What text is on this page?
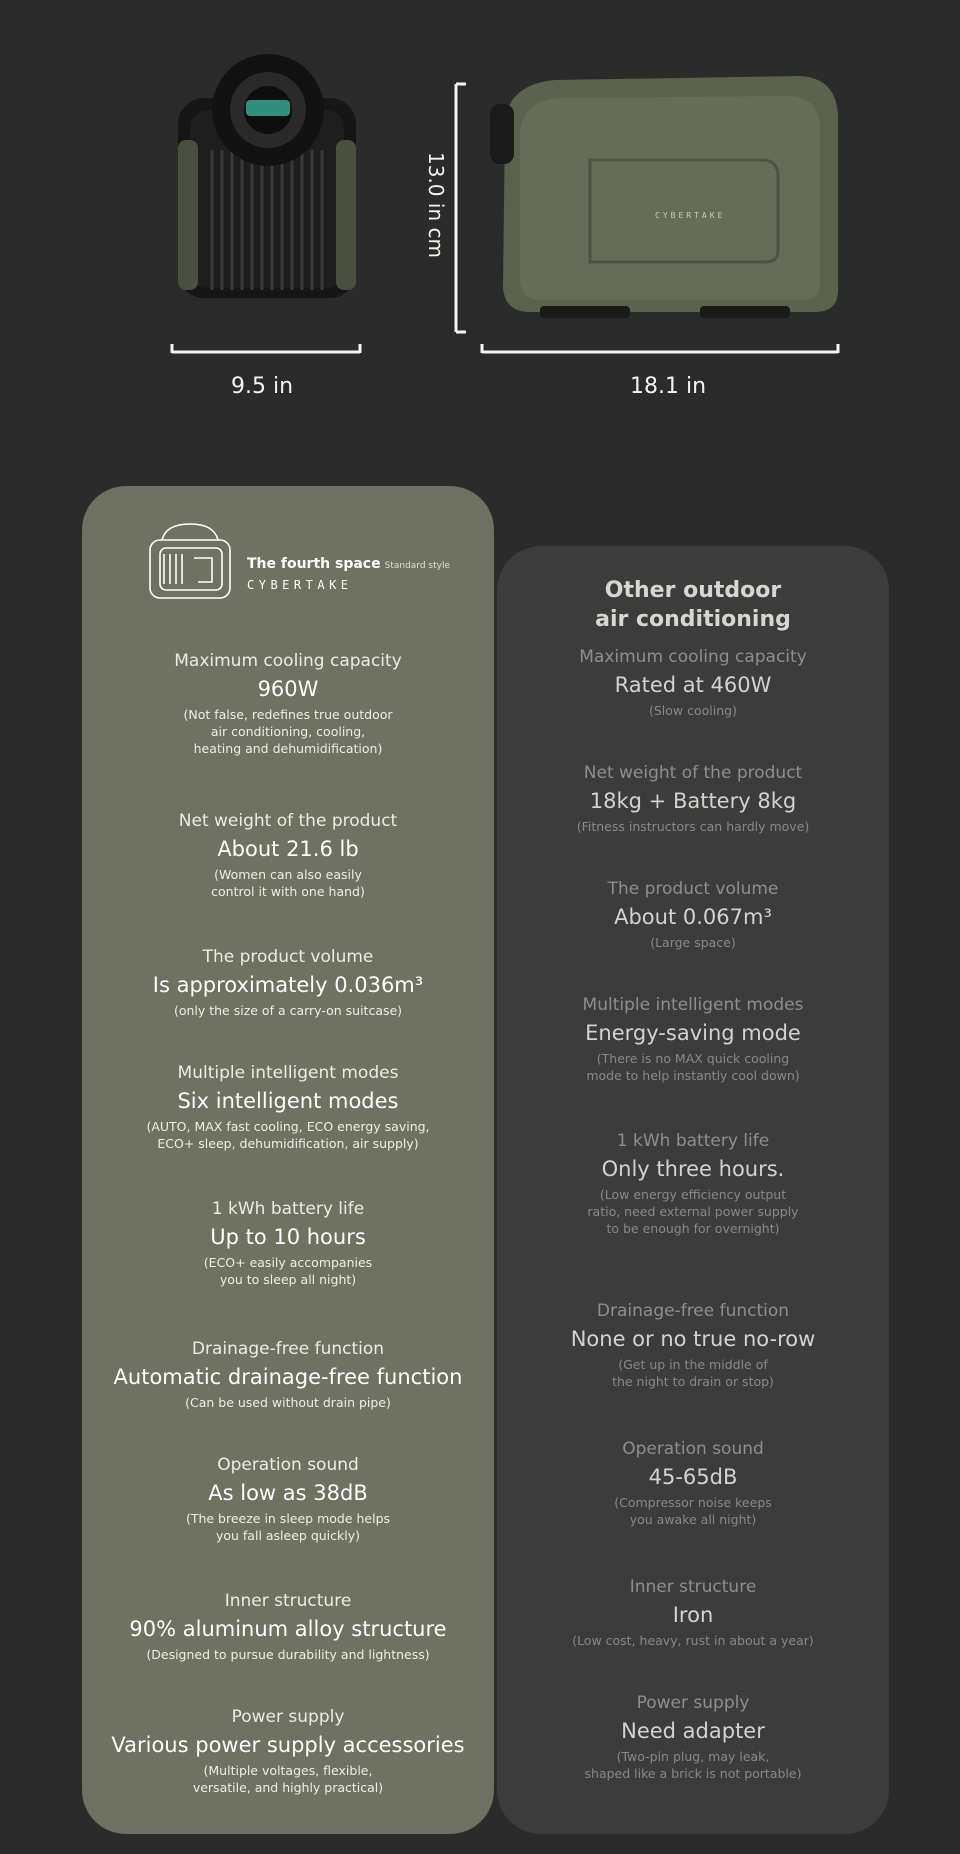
CYBERTAKE
9.5 in	18.1 in
13.0 in cm
The fourth space Standard style
CYBERTAKE
Maximum cooling capacity
960W
(Not false, redefines true outdoor
air conditioning, cooling,
heating and dehumidification)
Net weight of the product
About 21.6 lb
(Women can also easily
control it with one hand)
The product volume
Is approximately 0.036m³
(only the size of a carry-on suitcase)
Multiple intelligent modes
Six intelligent modes
(AUTO, MAX fast cooling, ECO energy saving,
ECO+ sleep, dehumidification, air supply)
1 kWh battery life
Up to 10 hours
(ECO+ easily accompanies
you to sleep all night)
Drainage-free function
Automatic drainage-free function
(Can be used without drain pipe)
Operation sound
As low as 38dB
(The breeze in sleep mode helps
you fall asleep quickly)
Inner structure
90% aluminum alloy structure
(Designed to pursue durability and lightness)
Power supply
Various power supply accessories
(Multiple voltages, flexible,
versatile, and highly practical)
Other outdoor
air conditioning
Maximum cooling capacity
Rated at 460W
(Slow cooling)
Net weight of the product
18kg + Battery 8kg
(Fitness instructors can hardly move)
The product volume
About 0.067m³
(Large space)
Multiple intelligent modes
Energy-saving mode
(There is no MAX quick cooling
mode to help instantly cool down)
1 kWh battery life
Only three hours.
(Low energy efficiency output
ratio, need external power supply
to be enough for overnight)
Drainage-free function
None or no true no-row
(Get up in the middle of
the night to drain or stop)
Operation sound
45-65dB
(Compressor noise keeps
you awake all night)
Inner structure
Iron
(Low cost, heavy, rust in about a year)
Power supply
Need adapter
(Two-pin plug, may leak,
shaped like a brick is not portable)
